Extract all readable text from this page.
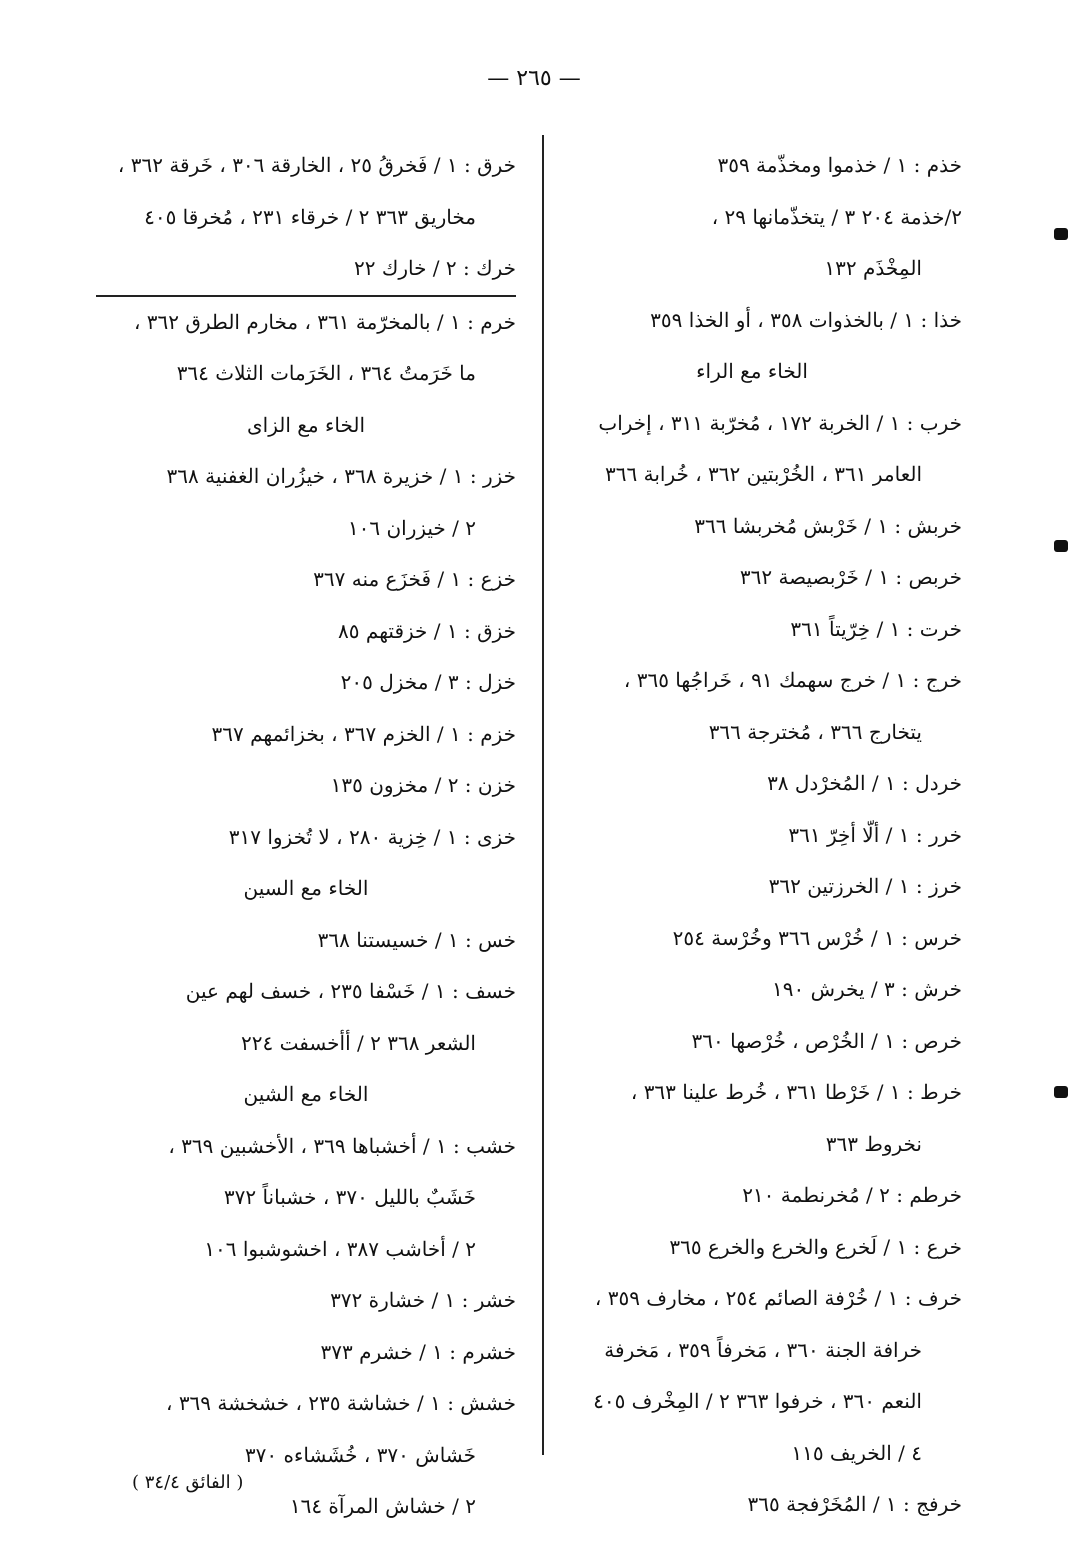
— ٢٦٥ —
خذم : ١ / خذموا ومخذّمة ٣٥٩
٢/خذمة ٢٠٤ ٣ / يتخذّمانها ٢٩ ،
المِخْذَم ١٣٢
خذا : ١ / بالخذوات ٣٥٨ ، أو الخذا ٣٥٩
الخاء مع الراء
خرب : ١ / الخربة ١٧٢ ، مُخرّبة ٣١١ ، إخراب
العامر ٣٦١ ، الخُرْبتين ٣٦٢ ، خُرابة ٣٦٦
خربش : ١ / خَرْبش مُخربشا ٣٦٦
خربص : ١ / خَرْبصيصة ٣٦٢
خرت : ١ / خِرّيتاً ٣٦١
خرج : ١ / خرج سهمك ٩١ ، خَراجُها ٣٦٥ ،
يتخارج ٣٦٦ ، مُخترجة ٣٦٦
خردل : ١ / المُخرْدل ٣٨
خرر : ١ / ألّا أخِرّ ٣٦١
خرز : ١ / الخرزتين ٣٦٢
خرس : ١ / خُرْس ٣٦٦ وخُرْسة ٢٥٤
خرش : ٣ / يخرش ١٩٠
خرص : ١ / الخُرْص ، خُرْصها ٣٦٠
خرط : ١ / خَرْطا ٣٦١ ، خُرط علينا ٣٦٣ ،
نخروط ٣٦٣
خرطم : ٢ / مُخرنطمة ٢١٠
خرع : ١ / لَخرع والخرع والخرع ٣٦٥
خرف : ١ / خُرْفة الصائم ٢٥٤ ، مخارف ٣٥٩ ،
خرافة الجنة ٣٦٠ ، مَخرفاً ٣٥٩ ، مَخرفة
النعم ٣٦٠ ، خرفوا ٣٦٣ ٢ / المِخْرف ٤٠٥
٤ / الخريف ١١٥
خرفج : ١ / المُخَرْفجة ٣٦٥
خرق : ١ / فَخرقُ ٢٥ ، الخارقة ٣٠٦ ، خَرقة ٣٦٢ ،
مخاريق ٣٦٣ ٢ / خرقاء ٢٣١ ، مُخرقا ٤٠٥
خرك : ٢ / خارك ٢٢
خرم : ١ / بالمخرّمة ٣٦١ ، مخارم الطرق ٣٦٢ ،
ما خَرَمتُ ٣٦٤ ، الخَرَمات الثلاث ٣٦٤
الخاء مع الزاى
خزر : ١ / خزيرة ٣٦٨ ، خيزُران الغفنية ٣٦٨
٢ / خيزران ١٠٦
خزع : ١ / فَخزَع منه ٣٦٧
خزق : ١ / خزقتهم ٨٥
خزل : ٣ / مخزل ٢٠٥
خزم : ١ / الخزم ٣٦٧ ، بخزائمهم ٣٦٧
خزن : ٢ / مخزون ١٣٥
خزى : ١ / خِزية ٢٨٠ ، لا تُخزوا ٣١٧
الخاء مع السين
خس : ١ / خسيستنا ٣٦٨
خسف : ١ / خَسْفا ٢٣٥ ، خسف لهم عين
الشعر ٣٦٨ ٢ / أأخسفت ٢٢٤
الخاء مع الشين
خشب : ١ / أخشباها ٣٦٩ ، الأخشبين ٣٦٩ ،
خَشَبٌ بالليل ٣٧٠ ، خشباناً ٣٧٢
٢ / أخاشب ٣٨٧ ، اخشوشبوا ١٠٦
خشر : ١ / خشارة ٣٧٢
خشرم : ١ / خشرم ٣٧٣
خشش : ١ / خشاشة ٢٣٥ ، خشخشة ٣٦٩ ،
خَشاش ٣٧٠ ، خُشَشاءه ٣٧٠
٢ / خشاش المرآة ١٦٤
( الفائق ٣٤/٤ )
